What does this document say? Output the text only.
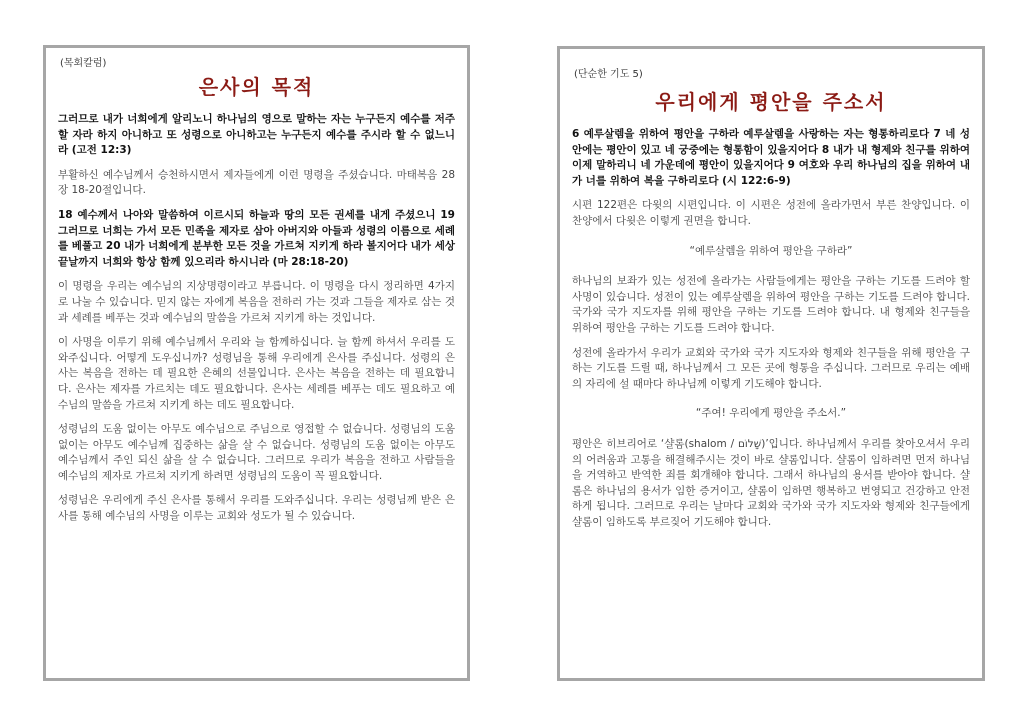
(목회칼럼)
은사의 목적

그러므로 내가 너희에게 알리노니 하나님의 영으로 말하는 자는 누구든지 예수를 저주할 자라 하지 아니하고 또 성령으로 아니하고는 누구든지 예수를 주시라 할 수 없느니라 (고전 12:3)

부활하신 예수님께서 승천하시면서 제자들에게 이런 명령을 주셨습니다. 마태복음 28장 18-20절입니다.

18 예수께서 나아와 말씀하여 이르시되 하늘과 땅의 모든 권세를 내게 주셨으니 19 그러므로 너희는 가서 모든 민족을 제자로 삼아 아버지와 아들과 성령의 이름으로 세례를 베풀고 20 내가 너희에게 분부한 모든 것을 가르쳐 지키게 하라 볼지어다 내가 세상 끝날까지 너희와 항상 함께 있으리라 하시니라 (마 28:18-20)

이 명령을 우리는 예수님의 지상명령이라고 부릅니다. 이 명령을 다시 정리하면 4가지로 나눌 수 있습니다. 믿지 않는 자에게 복음을 전하러 가는 것과 그들을 제자로 삼는 것과 세례를 베푸는 것과 예수님의 말씀을 가르쳐 지키게 하는 것입니다.

이 사명을 이루기 위해 예수님께서 우리와 늘 함께하십니다. 늘 함께 하셔서 우리를 도와주십니다. 어떻게 도우십니까? 성령님을 통해 우리에게 은사를 주십니다. 성령의 은사는 복음을 전하는 데 필요한 은혜의 선물입니다. 은사는 복음을 전하는 데 필요합니다. 은사는 제자를 가르치는 데도 필요합니다. 은사는 세례를 베푸는 데도 필요하고 예수님의 말씀을 가르쳐 지키게 하는 데도 필요합니다.

성령님의 도움 없이는 아무도 예수님으로 주님으로 영접할 수 없습니다. 성령님의 도움 없이는 아무도 예수님께 집중하는 삶을 살 수 없습니다. 성령님의 도움 없이는 아무도 예수님께서 주인 되신 삶을 살 수 없습니다. 그러므로 우리가 복음을 전하고 사람들을 예수님의 제자로 가르쳐 지키게 하려면 성령님의 도움이 꼭 필요합니다.

성령님은 우리에게 주신 은사를 통해서 우리를 도와주십니다. 우리는 성령님께 받은 은사를 통해 예수님의 사명을 이루는 교회와 성도가 될 수 있습니다.

(단순한 기도 5)
우리에게 평안을 주소서

6 예루살렘을 위하여 평안을 구하라 예루살렘을 사랑하는 자는 형통하리로다 7 네 성 안에는 평안이 있고 네 궁중에는 형통함이 있을지어다 8 내가 내 형제와 친구를 위하여 이제 말하리니 네 가운데에 평안이 있을지어다 9 여호와 우리 하나님의 집을 위하여 내가 너를 위하여 복을 구하리로다 (시 122:6-9)

시편 122편은 다윗의 시편입니다. 이 시편은 성전에 올라가면서 부른 찬양입니다. 이 찬양에서 다윗은 이렇게 권면을 합니다.

“예루살렘을 위하여 평안을 구하라”

하나님의 보좌가 있는 성전에 올라가는 사람들에게는 평안을 구하는 기도를 드려야 할 사명이 있습니다. 성전이 있는 예루살렘을 위하여 평안을 구하는 기도를 드려야 합니다. 국가와 국가 지도자를 위해 평안을 구하는 기도를 드려야 합니다. 내 형제와 친구들을 위하여 평안을 구하는 기도를 드려야 합니다.

성전에 올라가서 우리가 교회와 국가와 국가 지도자와 형제와 친구들을 위해 평안을 구하는 기도를 드릴 때, 하나님께서 그 모든 곳에 형통을 주십니다. 그러므로 우리는 예배의 자리에 설 때마다 하나님께 이렇게 기도해야 합니다.

“주여! 우리에게 평안을 주소서.”

평안은 히브리어로 ‘샬롬(shalom / שָׁלוֹם)’입니다. 하나님께서 우리를 찾아오셔서 우리의 어려움과 고통을 해결해주시는 것이 바로 샬롬입니다. 샬롬이 임하려면 먼저 하나님을 거역하고 반역한 죄를 회개해야 합니다. 그래서 하나님의 용서를 받아야 합니다. 샬롬은 하나님의 용서가 임한 증거이고, 샬롬이 임하면 행복하고 번영되고 건강하고 안전하게 됩니다. 그러므로 우리는 날마다 교회와 국가와 국가 지도자와 형제와 친구들에게 샬롬이 임하도록 부르짖어 기도해야 합니다.
